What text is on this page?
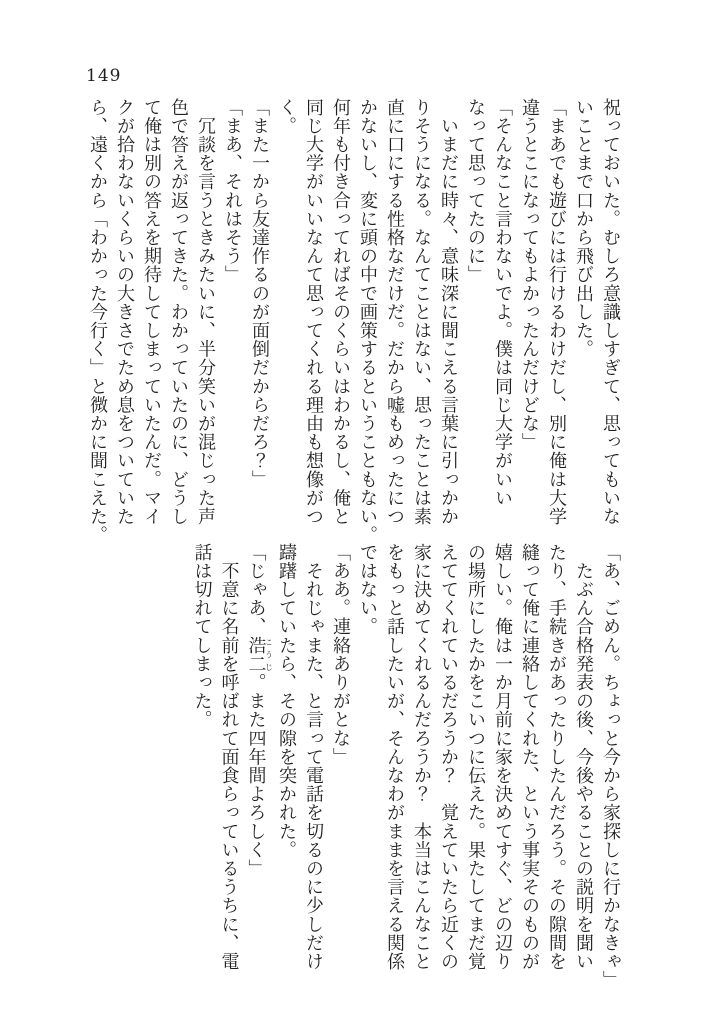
149

祝っておいた。むしろ意識しすぎて、思ってもいな

いことまで口から飛び出した。

「まあでも遊びには行けるわけだし、別に俺は大学

違うとこになってもよかったんだけどな」

「そんなこと言わないでよ。僕は同じ大学がいい

なって思ってたのに」

　いまだに時々、意味深に聞こえる言葉に引っかか

りそうになる。なんてことはない、思ったことは素

直に口にする性格なだけだ。だから嘘もめったにつ

かないし、変に頭の中で画策するということもない。

何年も付き合ってればそのくらいはわかるし、俺と

同じ大学がいいなんて思ってくれる理由も想像がつ

く。

「また一から友達作るのが面倒だからだろ？」

「まあ、それはそう」

　冗談を言うときみたいに、半分笑いが混じった声

色で答えが返ってきた。わかっていたのに、どうし

て俺は別の答えを期待してしまっていたんだ。マイ

クが拾わないくらいの大きさでため息をついていた

ら、遠くから「わかった今行く」と微かに聞こえた。

「あ、ごめん。ちょっと今から家探しに行かなきゃ」

　たぶん合格発表の後、今後やることの説明を聞い

たり、手続きがあったりしたんだろう。その隙間を

縫って俺に連絡してくれた、という事実そのものが

嬉しい。俺は一か月前に家を決めてすぐ、どの辺り

の場所にしたかをこいつに伝えた。果たしてまだ覚

えててくれているだろうか？　覚えていたら近くの

家に決めてくれるんだろうか？　本当はこんなこと

をもっと話したいが、そんなわがままを言える関係

ではない。

「ああ。連絡ありがとな」

　それじゃまた、と言って電話を切るのに少しだけ

躊躇していたら、その隙を突かれた。

「じゃあ、浩二こうじ。また四年間よろしく」

　不意に名前を呼ばれて面食らっているうちに、電

話は切れてしまった。
